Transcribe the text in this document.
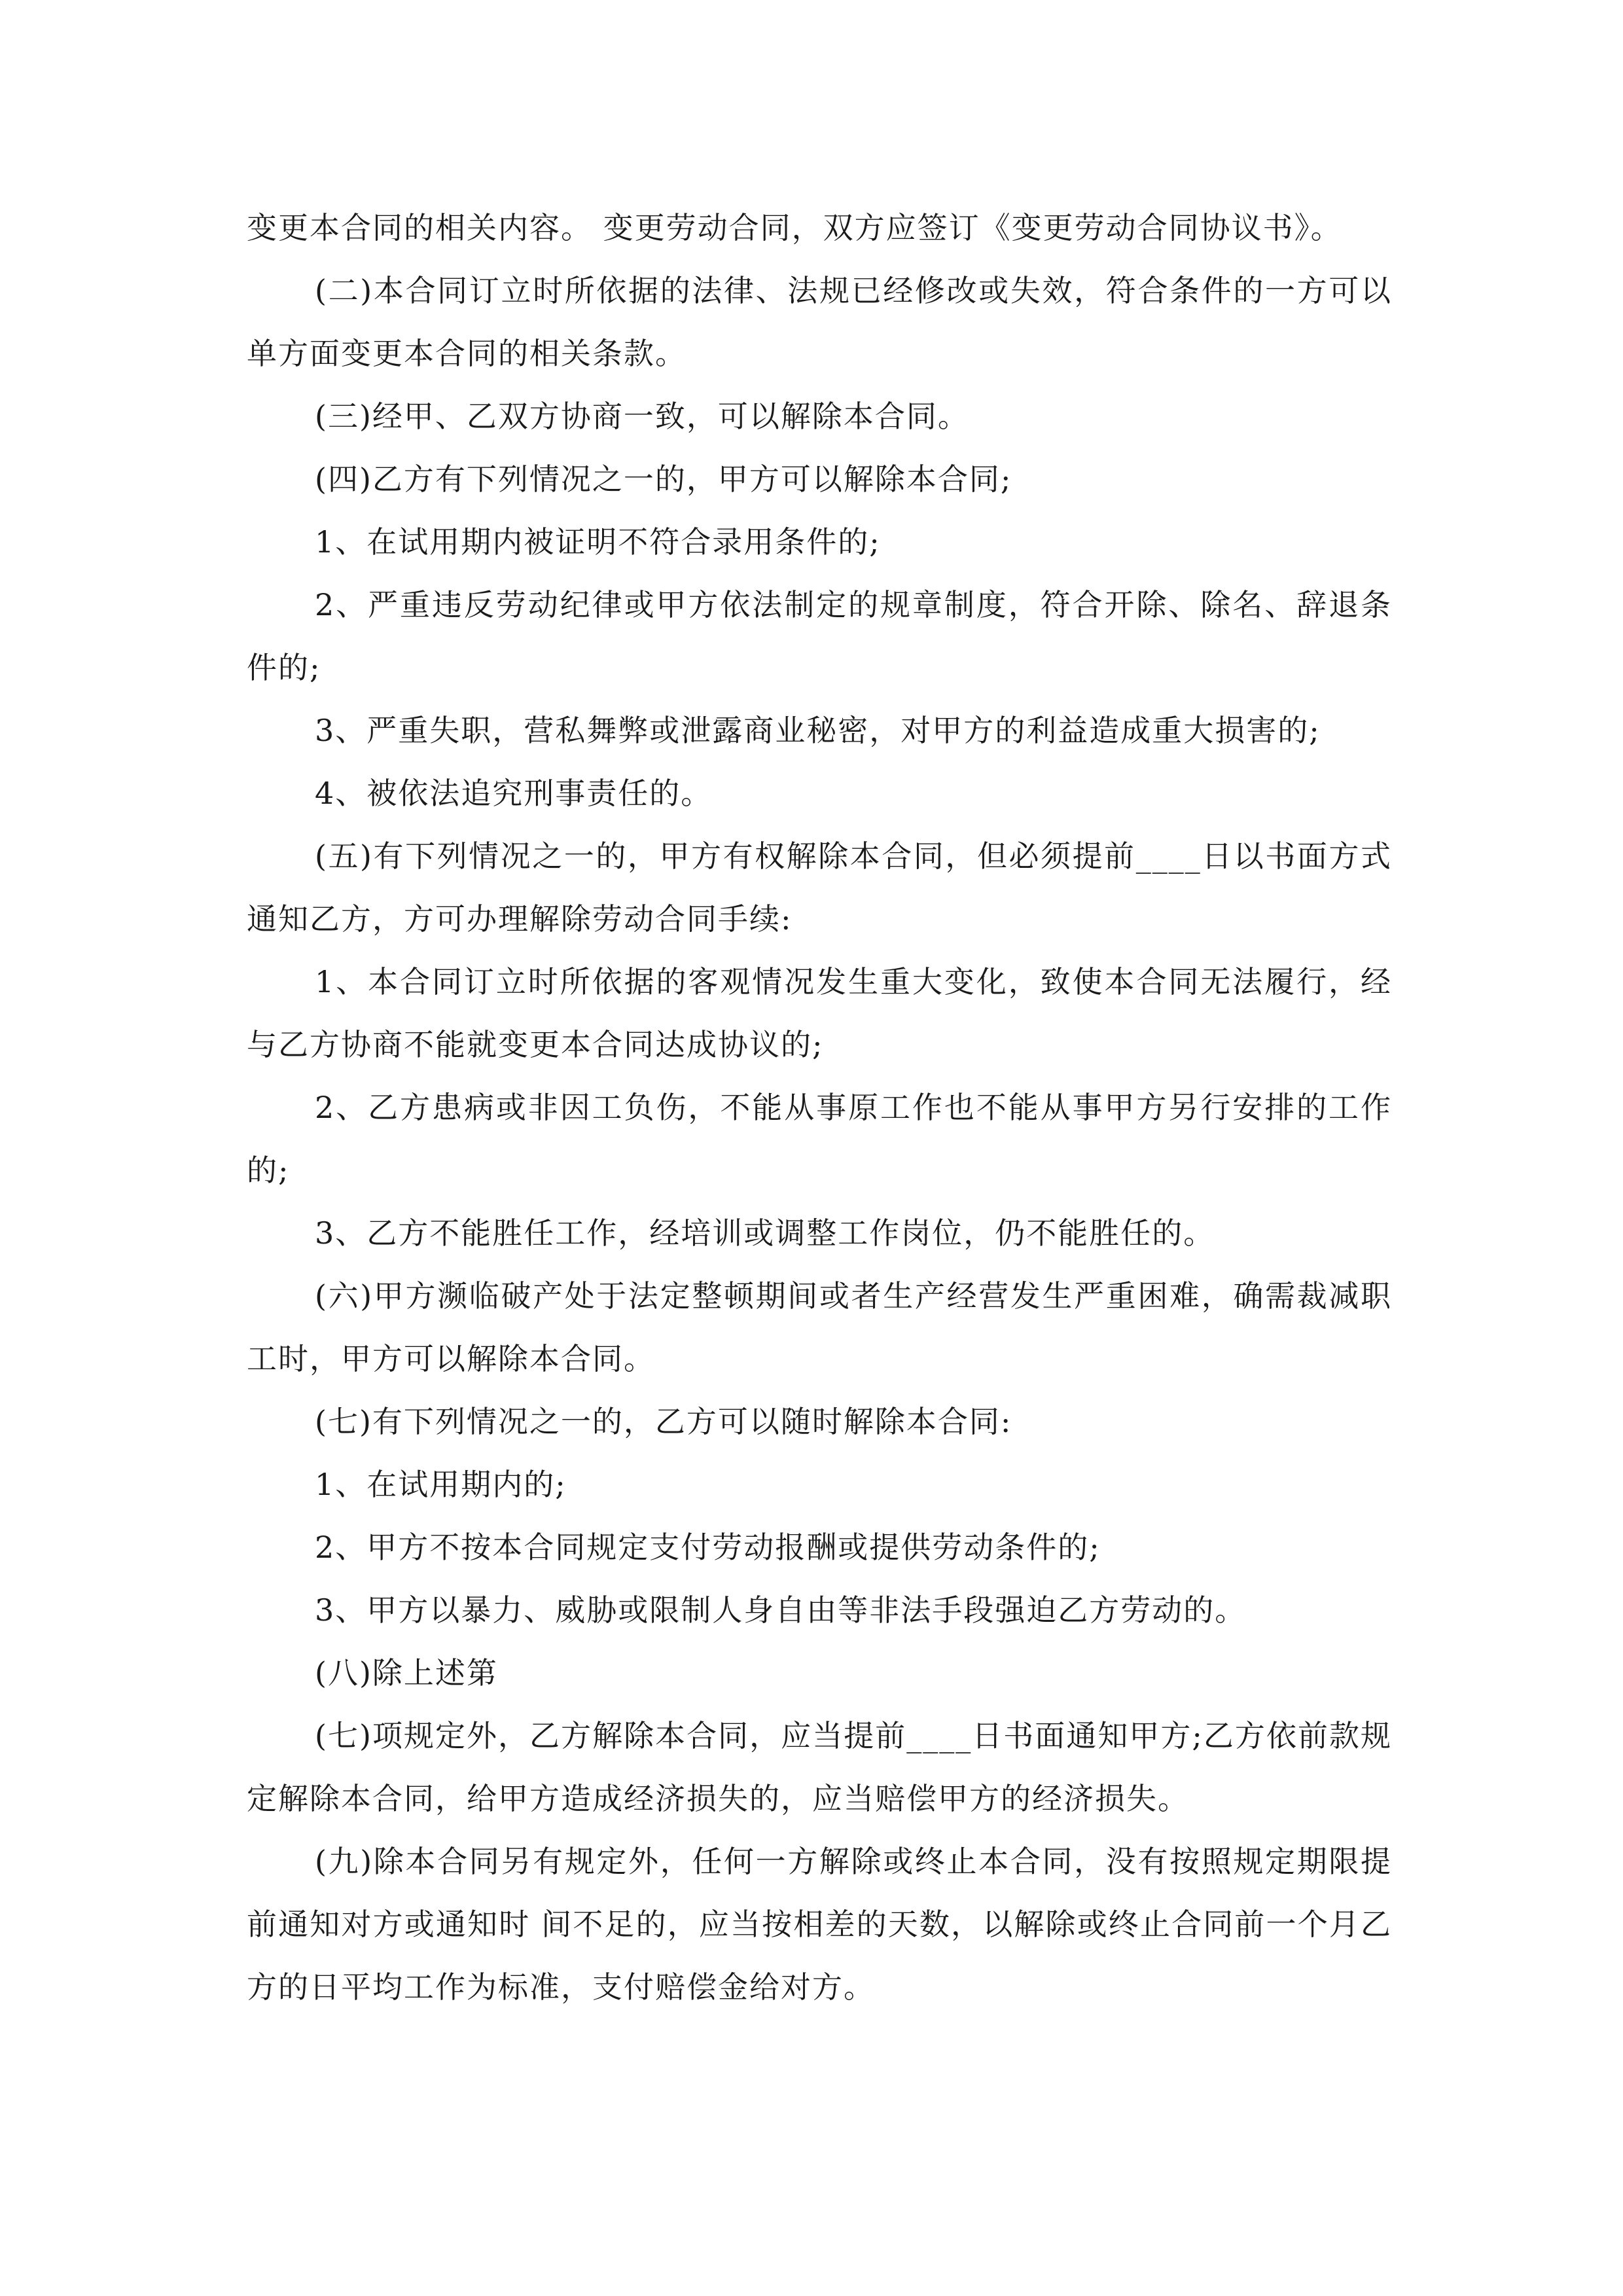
变更本合同的相关内容。 变更劳动合同，双方应签订《变更劳动合同协议书》。

(二)本合同订立时所依据的法律、法规已经修改或失效，符合条件的一方可以单方面变更本合同的相关条款。

(三)经甲、乙双方协商一致，可以解除本合同。

(四)乙方有下列情况之一的，甲方可以解除本合同;

1、在试用期内被证明不符合录用条件的;

2、严重违反劳动纪律或甲方依法制定的规章制度，符合开除、除名、辞退条件的;

3、严重失职，营私舞弊或泄露商业秘密，对甲方的利益造成重大损害的;

4、被依法追究刑事责任的。

(五)有下列情况之一的，甲方有权解除本合同，但必须提前____日以书面方式通知乙方，方可办理解除劳动合同手续:

1、本合同订立时所依据的客观情况发生重大变化，致使本合同无法履行，经与乙方协商不能就变更本合同达成协议的;

2、乙方患病或非因工负伤，不能从事原工作也不能从事甲方另行安排的工作的;

3、乙方不能胜任工作，经培训或调整工作岗位，仍不能胜任的。

(六)甲方濒临破产处于法定整顿期间或者生产经营发生严重困难，确需裁减职工时，甲方可以解除本合同。

(七)有下列情况之一的，乙方可以随时解除本合同:

1、在试用期内的;

2、甲方不按本合同规定支付劳动报酬或提供劳动条件的;

3、甲方以暴力、威胁或限制人身自由等非法手段强迫乙方劳动的。

(八)除上述第

(七)项规定外，乙方解除本合同，应当提前____日书面通知甲方;乙方依前款规定解除本合同，给甲方造成经济损失的，应当赔偿甲方的经济损失。

(九)除本合同另有规定外，任何一方解除或终止本合同，没有按照规定期限提前通知对方或通知时 间不足的，应当按相差的天数，以解除或终止合同前一个月乙方的日平均工作为标准，支付赔偿金给对方。
